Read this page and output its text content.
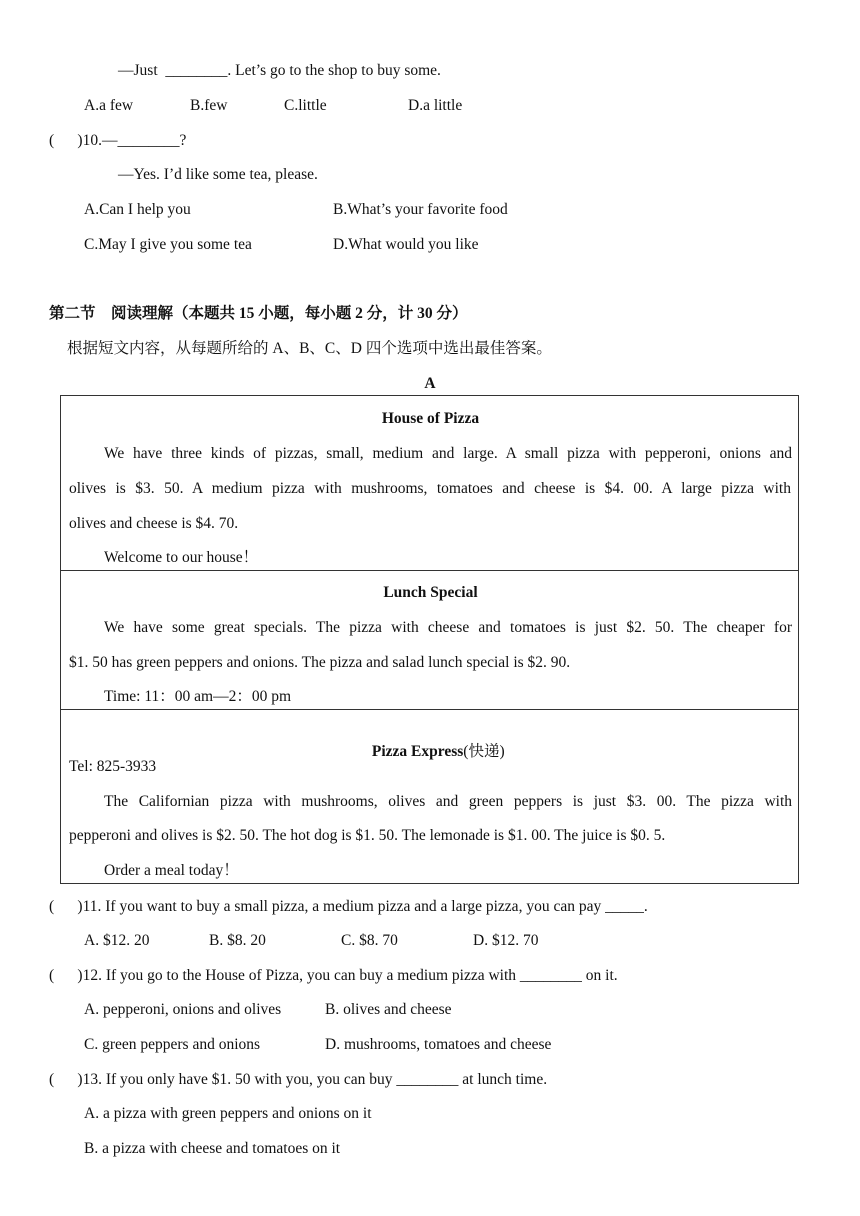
—Just  ________. Let’s go to the shop to buy some.
A.a few	B.few	C.little	D.a little
(      )10.—________?
—Yes. I’d like some tea, please.
A.Can I help you	B.What’s your favorite food
C.May I give you some tea	D.What would you like
第二节　阅读理解（本题共 15 小题，每小题 2 分，计 30 分）
根据短文内容，从每题所给的 A、B、C、D 四个选项中选出最佳答案。
A
House of Pizza
We have three kinds of pizzas, small, medium and large. A small pizza with pepperoni, onions and
olives is $3. 50. A medium pizza with mushrooms, tomatoes and cheese is $4. 00. A large pizza with
olives and cheese is $4. 70.
Welcome to our house！
Lunch Special
We have some great specials. The pizza with cheese and tomatoes is just $2. 50. The cheaper for
$1. 50 has green peppers and onions. The pizza and salad lunch special is $2. 90.
Time: 11：00 am—2：00 pm

Pizza Express(快递)

Tel: 825-3933
The Californian pizza with mushrooms, olives and green peppers is just $3. 00. The pizza with
pepperoni and olives is $2. 50. The hot dog is $1. 50. The lemonade is $1. 00. The juice is $0. 5.
Order a meal today！
(      )11. If you want to buy a small pizza, a medium pizza and a large pizza, you can pay _____.
A. $12. 20	B. $8. 20	C. $8. 70	D. $12. 70
(      )12. If you go to the House of Pizza, you can buy a medium pizza with ________ on it.
A. pepperoni, onions and olives	B. olives and cheese
C. green peppers and onions	D. mushrooms, tomatoes and cheese
(      )13. If you only have $1. 50 with you, you can buy ________ at lunch time.
A. a pizza with green peppers and onions on it
B. a pizza with cheese and tomatoes on it
